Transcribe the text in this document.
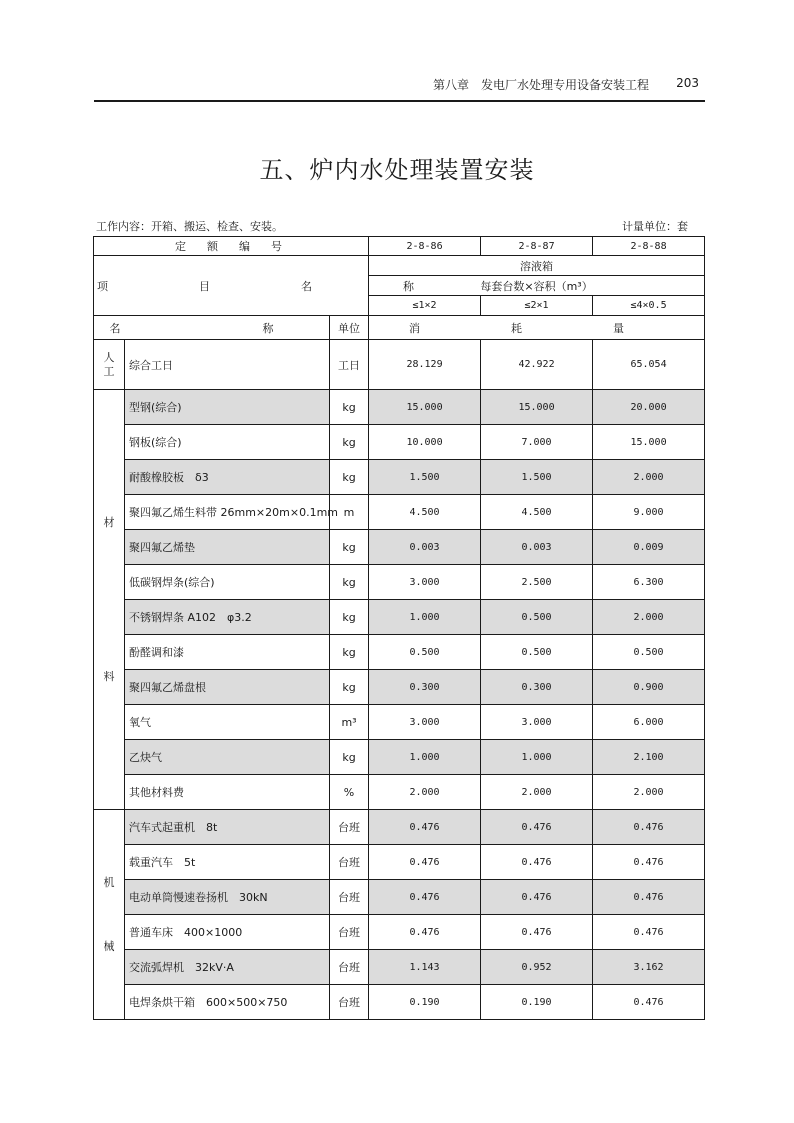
第八章　发电厂水处理专用设备安装工程 203
五、炉内水处理装置安装
工作内容：开箱、搬运、检查、安装。	计量单位：套
定　额　编　号			2-8-86	2-8-87	2-8-88
项　目　名　称			溶液箱		
			每套台数×容积（m³）		
			≤1×2	≤2×1	≤4×0.5
名　　称		单位	消　耗　量		

人
工	综合工日	工日	28.129	42.922	65.054

材
料	型钢(综合)	kg	15.000	15.000	20.000
	钢板(综合)	kg	10.000	7.000	15.000
	耐酸橡胶板　δ3	kg	1.500	1.500	2.000
	聚四氟乙烯生料带 26mm×20m×0.1mm	m	4.500	4.500	9.000
	聚四氟乙烯垫	kg	0.003	0.003	0.009
	低碳钢焊条(综合)	kg	3.000	2.500	6.300
	不锈钢焊条 A102　φ3.2	kg	1.000	0.500	2.000
	酚醛调和漆	kg	0.500	0.500	0.500
	聚四氟乙烯盘根	kg	0.300	0.300	0.900
	氧气	m³	3.000	3.000	6.000
	乙炔气	kg	1.000	1.000	2.100
	其他材料费	%	2.000	2.000	2.000

机
械	汽车式起重机　8t	台班	0.476	0.476	0.476
	载重汽车　5t	台班	0.476	0.476	0.476
	电动单筒慢速卷扬机　30kN	台班	0.476	0.476	0.476
	普通车床　400×1000	台班	0.476	0.476	0.476
	交流弧焊机　32kV·A	台班	1.143	0.952	3.162
	电焊条烘干箱　600×500×750	台班	0.190	0.190	0.476
